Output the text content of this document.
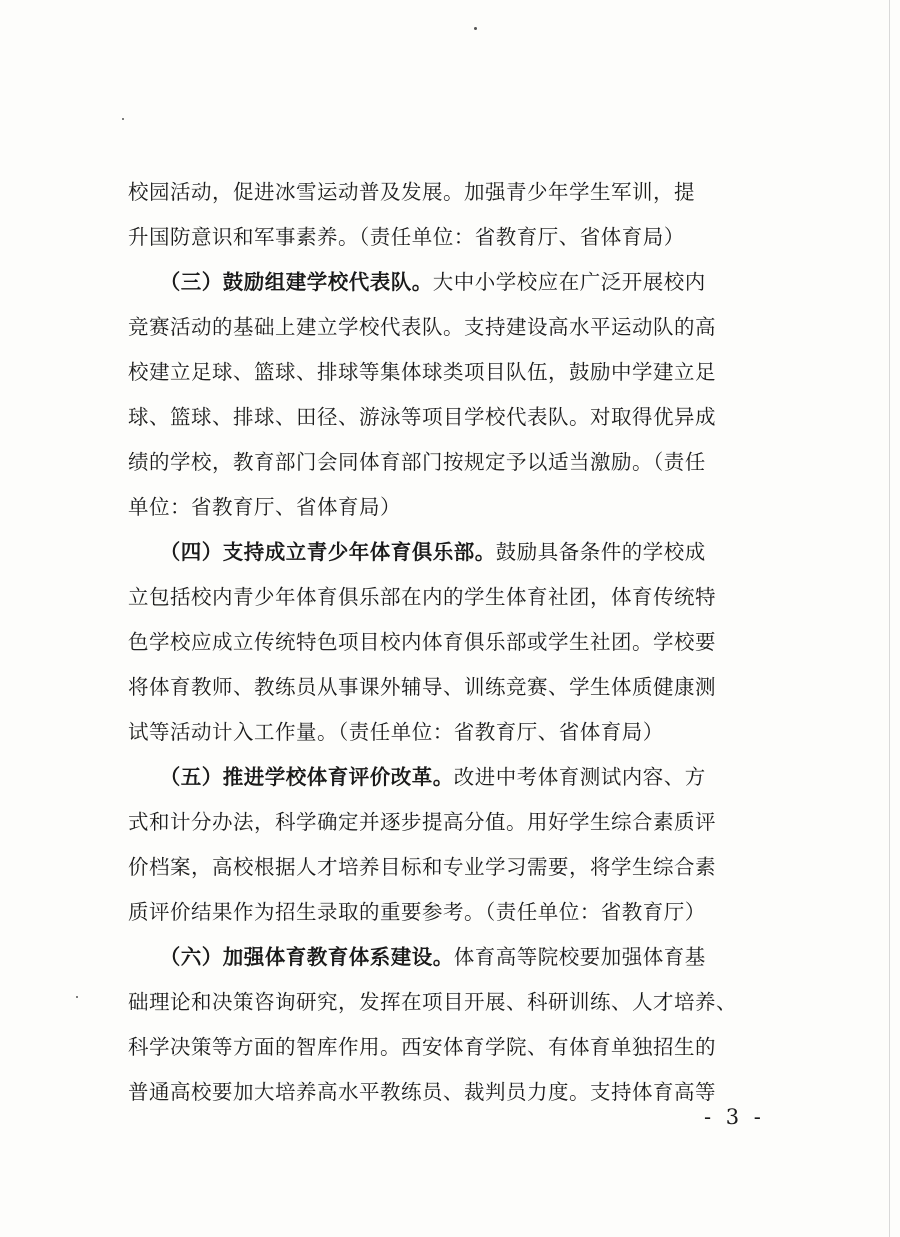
校园活动，促进冰雪运动普及发展。加强青少年学生军训，提
升国防意识和军事素养。（责任单位：省教育厅、省体育局）
　　（三）鼓励组建学校代表队。大中小学校应在广泛开展校内
竞赛活动的基础上建立学校代表队。支持建设高水平运动队的高
校建立足球、篮球、排球等集体球类项目队伍，鼓励中学建立足
球、篮球、排球、田径、游泳等项目学校代表队。对取得优异成
绩的学校，教育部门会同体育部门按规定予以适当激励。（责任
单位：省教育厅、省体育局）
　　（四）支持成立青少年体育俱乐部。鼓励具备条件的学校成
立包括校内青少年体育俱乐部在内的学生体育社团，体育传统特
色学校应成立传统特色项目校内体育俱乐部或学生社团。学校要
将体育教师、教练员从事课外辅导、训练竞赛、学生体质健康测
试等活动计入工作量。（责任单位：省教育厅、省体育局）
　　（五）推进学校体育评价改革。改进中考体育测试内容、方
式和计分办法，科学确定并逐步提高分值。用好学生综合素质评
价档案，高校根据人才培养目标和专业学习需要，将学生综合素
质评价结果作为招生录取的重要参考。（责任单位：省教育厅）
　　（六）加强体育教育体系建设。体育高等院校要加强体育基
础理论和决策咨询研究，发挥在项目开展、科研训练、人才培养、
科学决策等方面的智库作用。西安体育学院、有体育单独招生的
普通高校要加大培养高水平教练员、裁判员力度。支持体育高等
- 3 -
